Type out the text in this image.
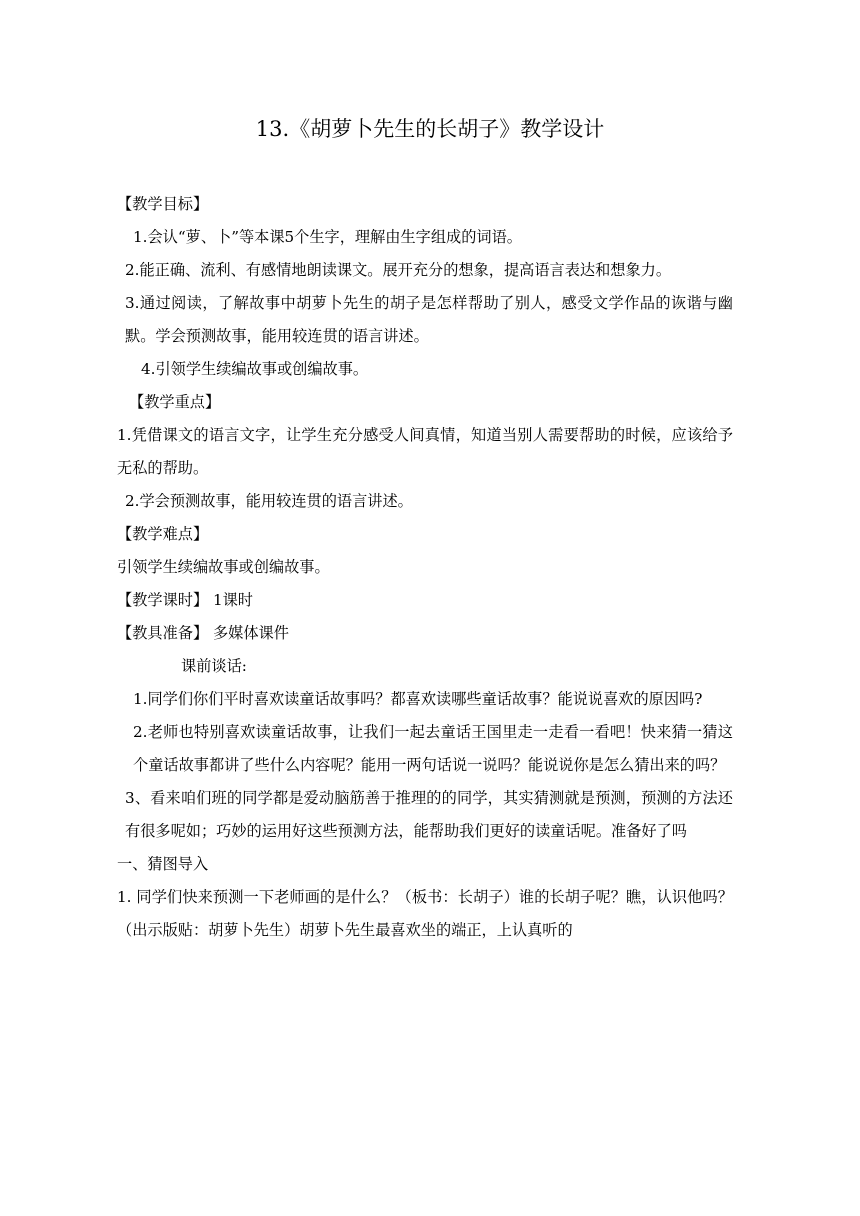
13.《胡萝卜先生的长胡子》教学设计

【教学目标】

1.会认“萝、卜”等本课5个生字，理解由生字组成的词语。

2.能正确、流利、有感情地朗读课文。展开充分的想象，提高语言表达和想象力。

3.通过阅读，了解故事中胡萝卜先生的胡子是怎样帮助了别人，感受文学作品的诙谐与幽默。学会预测故事，能用较连贯的语言讲述。

4.引领学生续编故事或创编故事。

【教学重点】

1.凭借课文的语言文字，让学生充分感受人间真情，知道当别人需要帮助的时候，应该给予无私的帮助。

2.学会预测故事，能用较连贯的语言讲述。

【教学难点】

引领学生续编故事或创编故事。

【教学课时】 1课时

【教具准备】 多媒体课件

课前谈话:

1.同学们你们平时喜欢读童话故事吗？都喜欢读哪些童话故事？能说说喜欢的原因吗?

2.老师也特别喜欢读童话故事，让我们一起去童话王国里走一走看一看吧！快来猜一猜这个童话故事都讲了些什么内容呢？能用一两句话说一说吗？能说说你是怎么猜出来的吗？

3、看来咱们班的同学都是爱动脑筋善于推理的的同学，其实猜测就是预测，预测的方法还有很多呢如；巧妙的运用好这些预测方法，能帮助我们更好的读童话呢。准备好了吗

一、猜图导入

1. 同学们快来预测一下老师画的是什么？（板书：长胡子）谁的长胡子呢？瞧，认识他吗？（出示版贴：胡萝卜先生）胡萝卜先生最喜欢坐的端正，上认真听的
